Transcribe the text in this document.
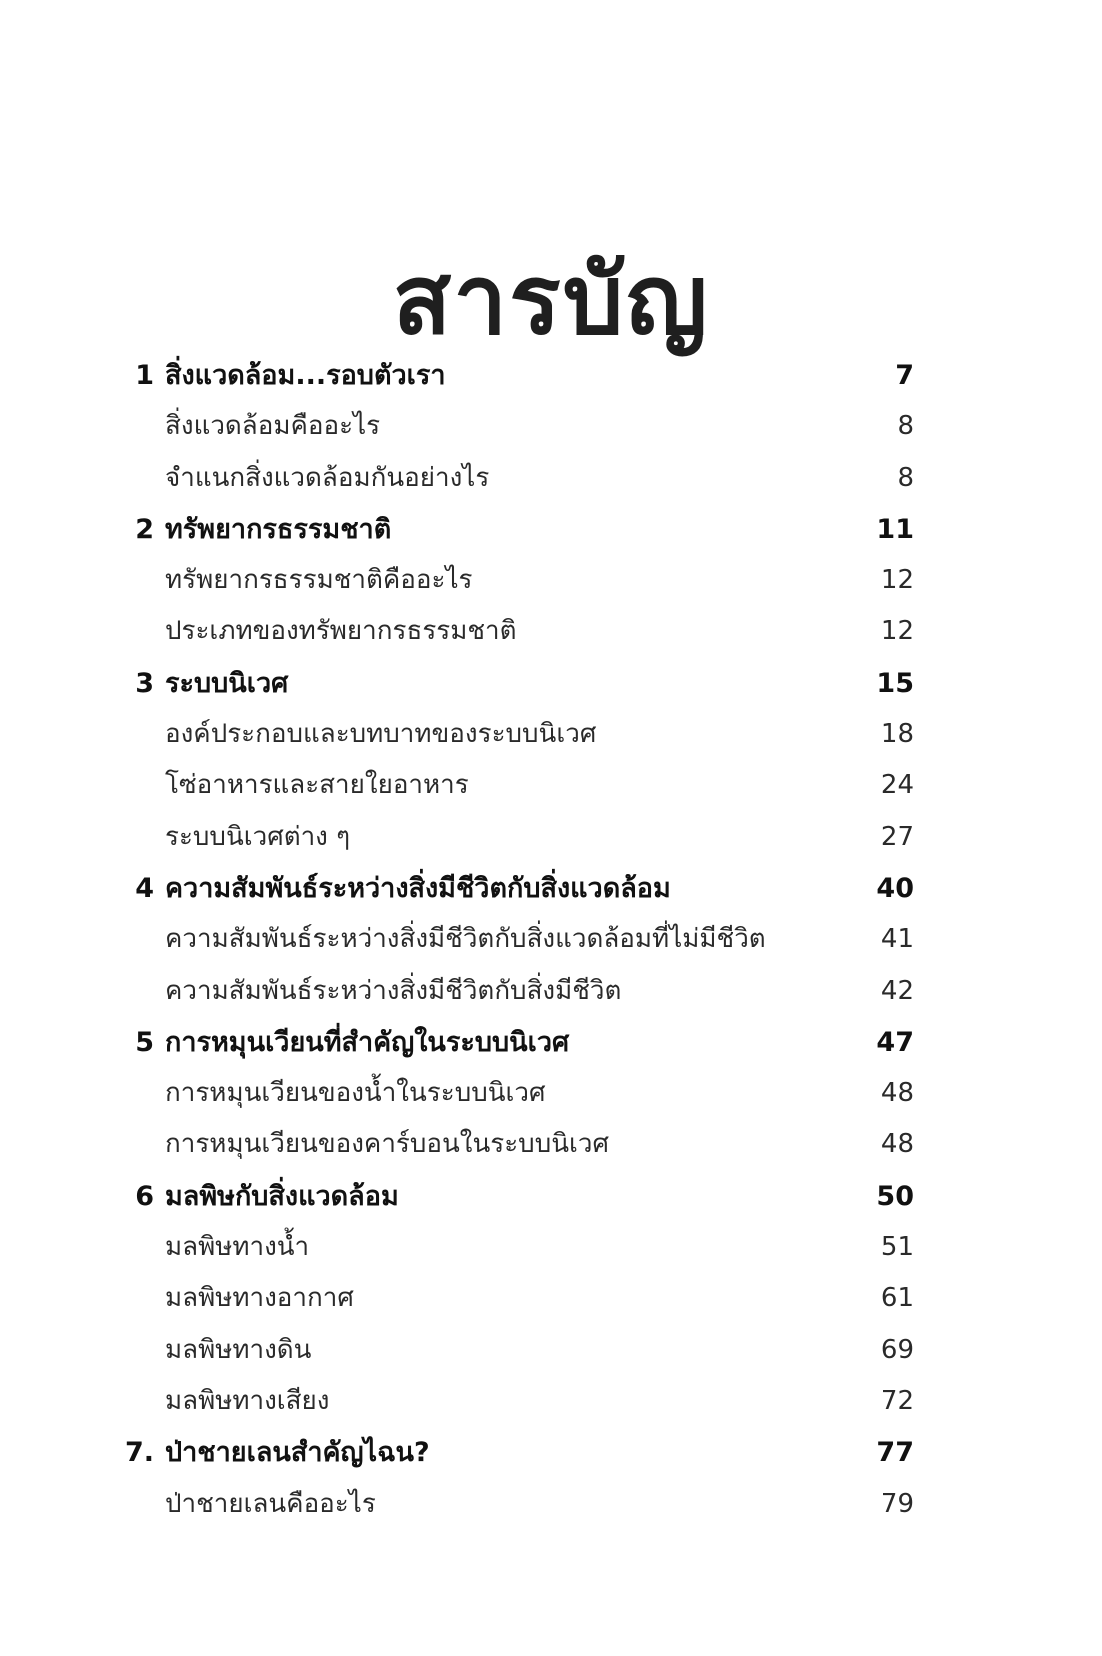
สารบัญ
1 สิ่งแวดล้อม...รอบตัวเรา	7
สิ่งแวดล้อมคืออะไร	8
จำแนกสิ่งแวดล้อมกันอย่างไร	8
2 ทรัพยากรธรรมชาติ	11
ทรัพยากรธรรมชาติคืออะไร	12
ประเภทของทรัพยากรธรรมชาติ	12
3 ระบบนิเวศ	15
องค์ประกอบและบทบาทของระบบนิเวศ	18
โซ่อาหารและสายใยอาหาร	24
ระบบนิเวศต่าง ๆ	27
4 ความสัมพันธ์ระหว่างสิ่งมีชีวิตกับสิ่งแวดล้อม	40
ความสัมพันธ์ระหว่างสิ่งมีชีวิตกับสิ่งแวดล้อมที่ไม่มีชีวิต	41
ความสัมพันธ์ระหว่างสิ่งมีชีวิตกับสิ่งมีชีวิต	42
5 การหมุนเวียนที่สำคัญในระบบนิเวศ	47
การหมุนเวียนของน้ำในระบบนิเวศ	48
การหมุนเวียนของคาร์บอนในระบบนิเวศ	48
6 มลพิษกับสิ่งแวดล้อม	50
มลพิษทางน้ำ	51
มลพิษทางอากาศ	61
มลพิษทางดิน	69
มลพิษทางเสียง	72
7. ป่าชายเลนสำคัญไฉน?	77
ป่าชายเลนคืออะไร	79
